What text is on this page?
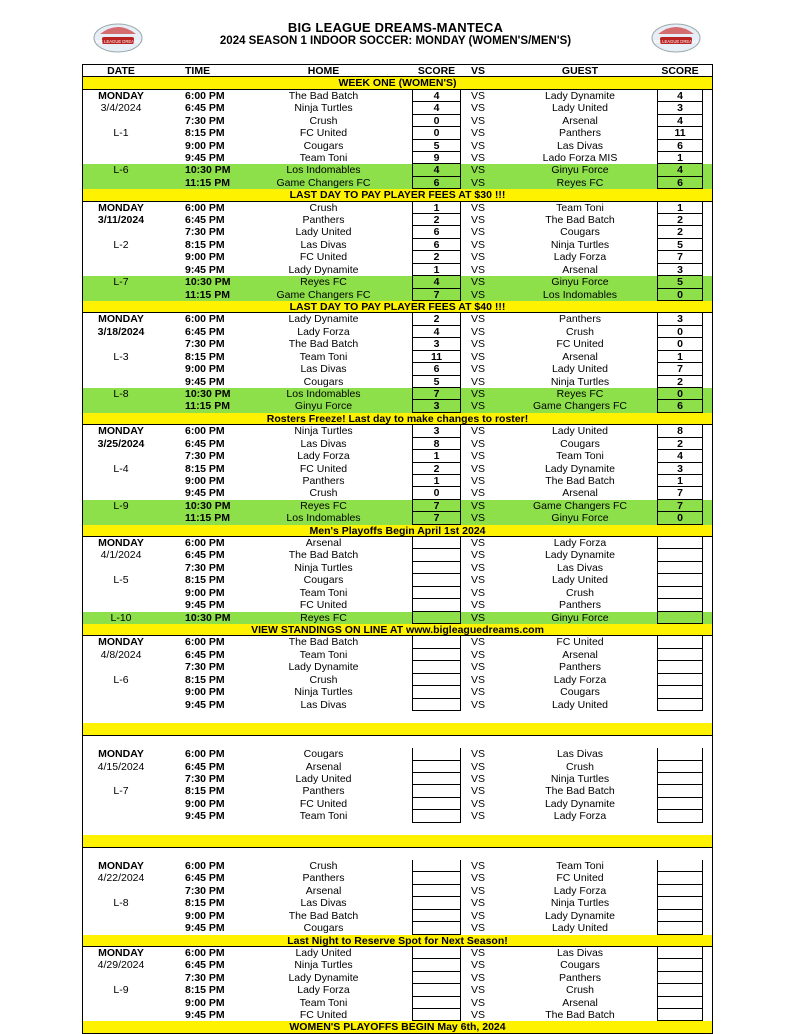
BIG LEAGUE DREAMS	BIG LEAGUE DREAMS
BIG LEAGUE DREAMS-MANTECA
2024 SEASON 1 INDOOR SOCCER: MONDAY (WOMEN'S/MEN'S)
DATE	TIME	HOME	SCORE	VS	GUEST	SCORE
WEEK ONE (WOMEN'S)
MONDAY	6:00 PM	The Bad Batch	4	VS	Lady Dynamite	4
3/4/2024	6:45 PM	Ninja Turtles	4	VS	Lady United	3
7:30 PM	Crush	0	VS	Arsenal	4
L-1	8:15 PM	FC United	0	VS	Panthers	11
9:00 PM	Cougars	5	VS	Las Divas	6
9:45 PM	Team Toni	9	VS	Lado Forza MIS	1
L-6	10:30 PM	Los Indomables	4	VS	Ginyu Force	4
11:15 PM	Game Changers FC	6	VS	Reyes FC	6
LAST DAY TO PAY PLAYER FEES AT $30 !!!
MONDAY	6:00 PM	Crush	1	VS	Team Toni	1
3/11/2024	6:45 PM	Panthers	2	VS	The Bad Batch	2
7:30 PM	Lady United	6	VS	Cougars	2
L-2	8:15 PM	Las Divas	6	VS	Ninja Turtles	5
9:00 PM	FC United	2	VS	Lady Forza	7
9:45 PM	Lady Dynamite	1	VS	Arsenal	3
L-7	10:30 PM	Reyes FC	4	VS	Ginyu Force	5
11:15 PM	Game Changers FC	7	VS	Los Indomables	0
LAST DAY TO PAY PLAYER FEES AT $40 !!!
MONDAY	6:00 PM	Lady Dynamite	2	VS	Panthers	3
3/18/2024	6:45 PM	Lady Forza	4	VS	Crush	0
7:30 PM	The Bad Batch	3	VS	FC United	0
L-3	8:15 PM	Team Toni	11	VS	Arsenal	1
9:00 PM	Las Divas	6	VS	Lady United	7
9:45 PM	Cougars	5	VS	Ninja Turtles	2
L-8	10:30 PM	Los Indomables	7	VS	Reyes FC	0
11:15 PM	Ginyu Force	3	VS	Game Changers FC	6
Rosters Freeze! Last day to make changes to roster!
MONDAY	6:00 PM	Ninja Turtles	3	VS	Lady United	8
3/25/2024	6:45 PM	Las Divas	8	VS	Cougars	2
7:30 PM	Lady Forza	1	VS	Team Toni	4
L-4	8:15 PM	FC United	2	VS	Lady Dynamite	3
9:00 PM	Panthers	1	VS	The Bad Batch	1
9:45 PM	Crush	0	VS	Arsenal	7
L-9	10:30 PM	Reyes FC	7	VS	Game Changers FC	7
11:15 PM	Los Indomables	7	VS	Ginyu Force	0
Men's Playoffs Begin April 1st 2024
MONDAY	6:00 PM	Arsenal	VS	Lady Forza
4/1/2024	6:45 PM	The Bad Batch	VS	Lady Dynamite
7:30 PM	Ninja Turtles	VS	Las Divas
L-5	8:15 PM	Cougars	VS	Lady United
9:00 PM	Team Toni	VS	Crush
9:45 PM	FC United	VS	Panthers
L-10	10:30 PM	Reyes FC	VS	Ginyu Force
VIEW STANDINGS ON LINE AT www.bigleaguedreams.com
MONDAY	6:00 PM	The Bad Batch	VS	FC United
4/8/2024	6:45 PM	Team Toni	VS	Arsenal
7:30 PM	Lady Dynamite	VS	Panthers
L-6	8:15 PM	Crush	VS	Lady Forza
9:00 PM	Ninja Turtles	VS	Cougars
9:45 PM	Las Divas	VS	Lady United
MONDAY	6:00 PM	Cougars	VS	Las Divas
4/15/2024	6:45 PM	Arsenal	VS	Crush
7:30 PM	Lady United	VS	Ninja Turtles
L-7	8:15 PM	Panthers	VS	The Bad Batch
9:00 PM	FC United	VS	Lady Dynamite
9:45 PM	Team Toni	VS	Lady Forza
MONDAY	6:00 PM	Crush	VS	Team Toni
4/22/2024	6:45 PM	Panthers	VS	FC United
7:30 PM	Arsenal	VS	Lady Forza
L-8	8:15 PM	Las Divas	VS	Ninja Turtles
9:00 PM	The Bad Batch	VS	Lady Dynamite
9:45 PM	Cougars	VS	Lady United
Last Night to Reserve Spot for Next Season!
MONDAY	6:00 PM	Lady United	VS	Las Divas
4/29/2024	6:45 PM	Ninja Turtles	VS	Cougars
7:30 PM	Lady Dynamite	VS	Panthers
L-9	8:15 PM	Lady Forza	VS	Crush
9:00 PM	Team Toni	VS	Arsenal
9:45 PM	FC United	VS	The Bad Batch
WOMEN'S PLAYOFFS BEGIN May 6th, 2024
